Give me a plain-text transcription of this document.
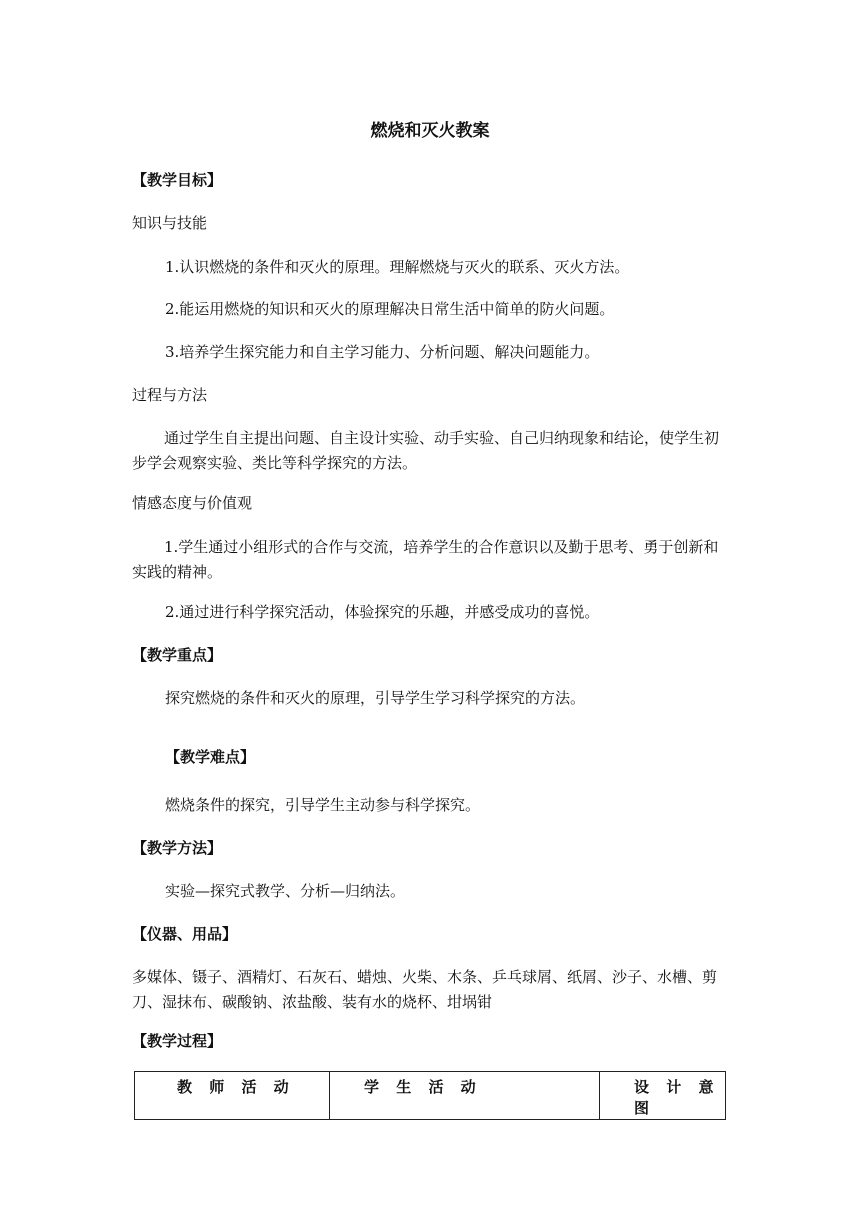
燃烧和灭火教案
【教学目标】
知识与技能
1.认识燃烧的条件和灭火的原理。理解燃烧与灭火的联系、灭火方法。
2.能运用燃烧的知识和灭火的原理解决日常生活中简单的防火问题。
3.培养学生探究能力和自主学习能力、分析问题、解决问题能力。
过程与方法
通过学生自主提出问题、自主设计实验、动手实验、自己归纳现象和结论，使学生初步学会观察实验、类比等科学探究的方法。
情感态度与价值观
1.学生通过小组形式的合作与交流，培养学生的合作意识以及勤于思考、勇于创新和实践的精神。
2.通过进行科学探究活动，体验探究的乐趣，并感受成功的喜悦。
【教学重点】
探究燃烧的条件和灭火的原理，引导学生学习科学探究的方法。
【教学难点】
燃烧条件的探究，引导学生主动参与科学探究。
【教学方法】
实验—探究式教学、分析—归纳法。
【仪器、用品】
多媒体、镊子、酒精灯、石灰石、蜡烛、火柴、木条、乒乓球屑、纸屑、沙子、水槽、剪刀、湿抹布、碳酸钠、浓盐酸、装有水的烧杯、坩埚钳
【教学过程】
教 师 活 动	学 生 活 动	设 计 意 图
